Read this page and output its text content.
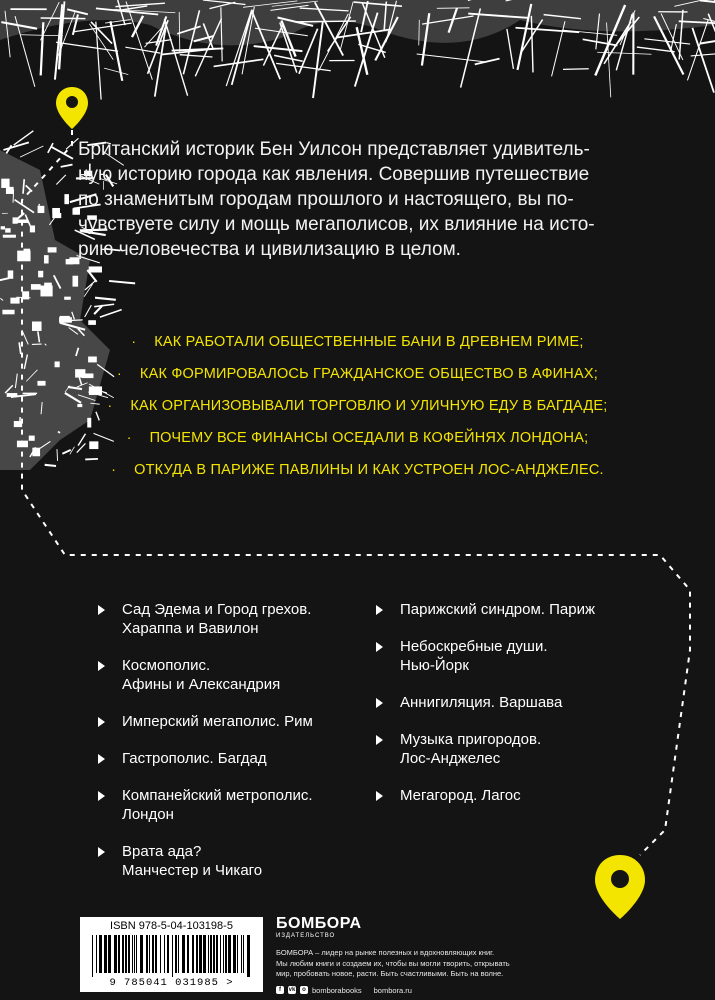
Британский историк Бен Уилсон представляет удивитель-
ную историю города как явления. Совершив путешествие
по знаменитым городам прошлого и настоящего, вы по-
чувствуете силу и мощь мегаполисов, их влияние на исто-
рию человечества и цивилизацию в целом.
· КАК РАБОТАЛИ ОБЩЕСТВЕННЫЕ БАНИ В ДРЕВНЕМ РИМЕ;
· КАК ФОРМИРОВАЛОСЬ ГРАЖДАНСКОЕ ОБЩЕСТВО В АФИНАХ;
· КАК ОРГАНИЗОВЫВАЛИ ТОРГОВЛЮ И УЛИЧНУЮ ЕДУ В БАГДАДЕ;
· ПОЧЕМУ ВСЕ ФИНАНСЫ ОСЕДАЛИ В КОФЕЙНЯХ ЛОНДОНА;
· ОТКУДА В ПАРИЖЕ ПАВЛИНЫ И КАК УСТРОЕН ЛОС-АНДЖЕЛЕС.
Сад Эдема и Город грехов.
Хараппа и Вавилон
Космополис.
Афины и Александрия
Имперский мегаполис. Рим
Гастрополис. Багдад
Компанейский метрополис.
Лондон
Врата ада?
Манчестер и Чикаго
Парижский синдром. Париж
Небоскребные души.
Нью-Йорк
Аннигиляция. Варшава
Музыка пригородов.
Лос-Анджелес
Мегагород. Лагос
ISBN 978-5-04-103198-5
9 785041 031985 >
БОМБОРА
ИЗДАТЕЛЬСТВО
БОМБОРА – лидер на рынке полезных и вдохновляющих книг.
Мы любим книги и создаем их, чтобы вы могли творить, открывать
мир, пробовать новое, расти. Быть счастливыми. Быть на волне.
f	vk	o bomborabooks bombora.ru
